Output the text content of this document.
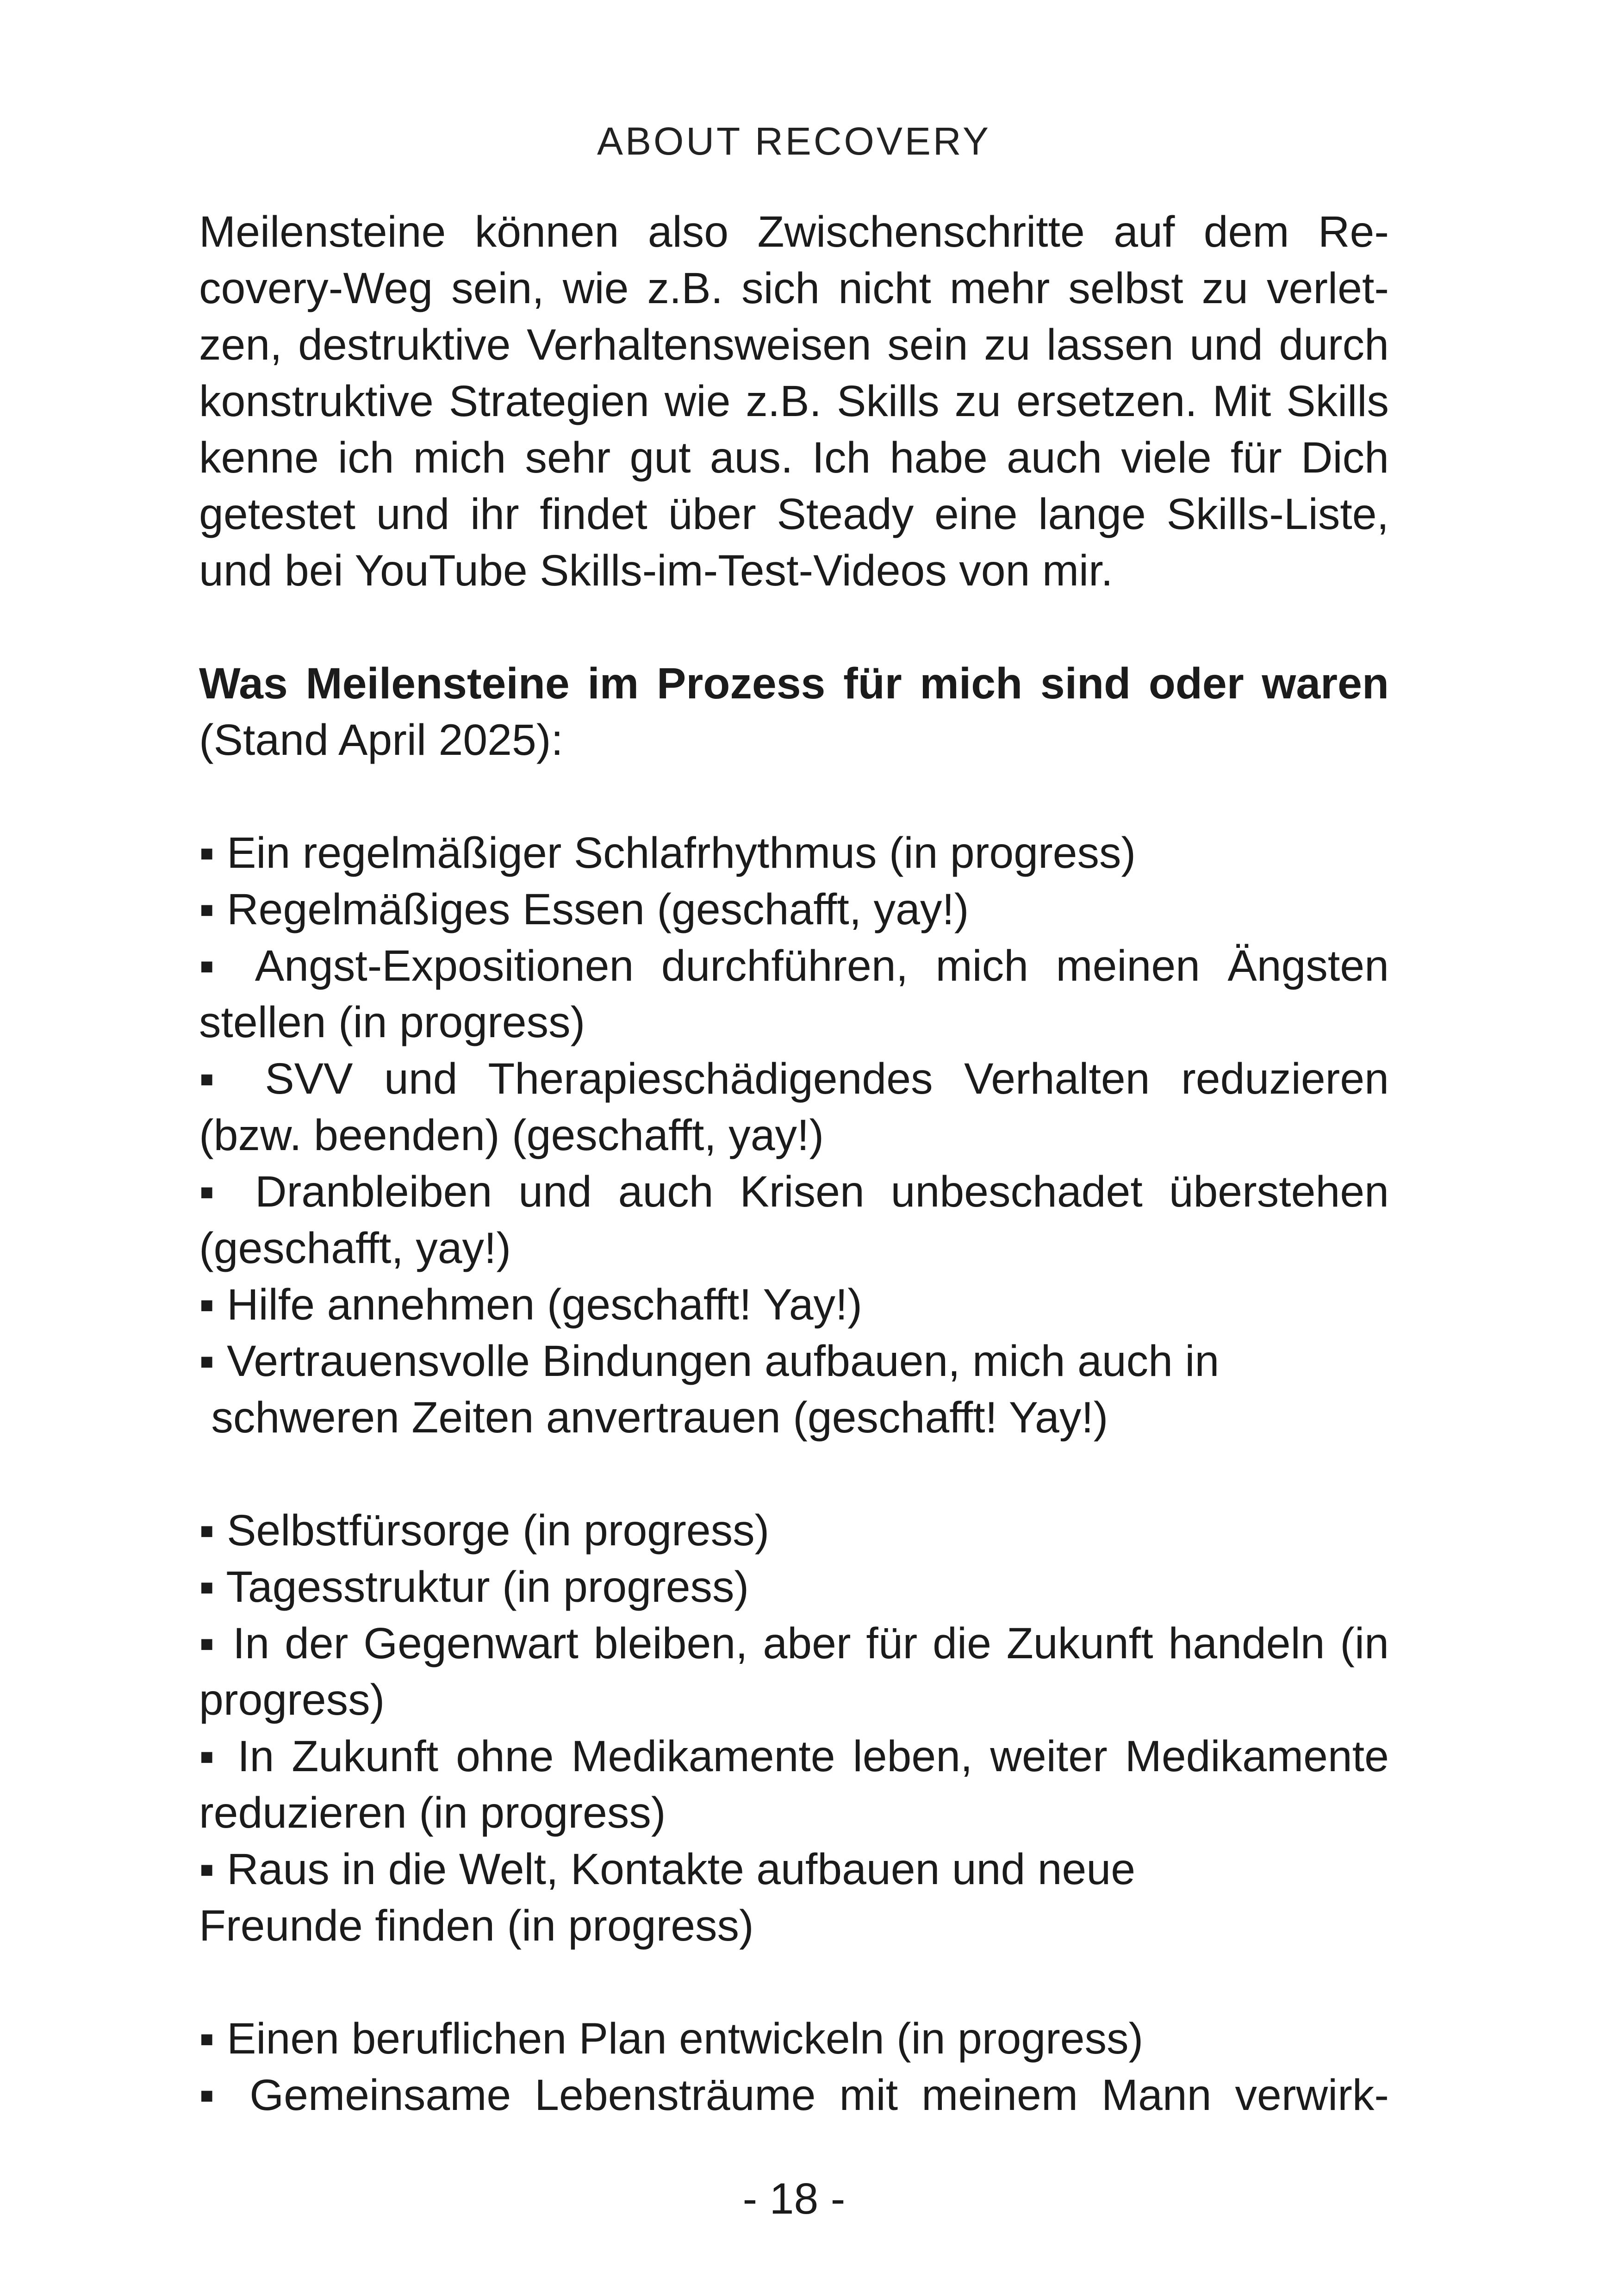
ABOUT RECOVERY
Meilensteine können also Zwischenschritte auf dem Re-
covery-Weg sein, wie z.B. sich nicht mehr selbst zu verlet-
zen, destruktive Verhaltensweisen sein zu lassen und durch
konstruktive Strategien wie z.B. Skills zu ersetzen. Mit Skills
kenne ich mich sehr gut aus. Ich habe auch viele für Dich
getestet und ihr findet über Steady eine lange Skills-Liste,
und bei YouTube Skills-im-Test-Videos von mir.
Was Meilensteine im Prozess für mich sind oder waren
(Stand April 2025):
▪ Ein regelmäßiger Schlafrhythmus (in progress)
▪ Regelmäßiges Essen (geschafft, yay!)
▪ Angst-Expositionen durchführen, mich meinen Ängsten
stellen (in progress)
▪ SVV und Therapieschädigendes Verhalten reduzieren
(bzw. beenden) (geschafft, yay!)
▪ Dranbleiben und auch Krisen unbeschadet überstehen
(geschafft, yay!)
▪ Hilfe annehmen (geschafft! Yay!)
▪ Vertrauensvolle Bindungen aufbauen, mich auch in
schweren Zeiten anvertrauen (geschafft! Yay!)
▪ Selbstfürsorge (in progress)
▪ Tagesstruktur (in progress)
▪ In der Gegenwart bleiben, aber für die Zukunft handeln (in
progress)
▪ In Zukunft ohne Medikamente leben, weiter Medikamente
reduzieren (in progress)
▪ Raus in die Welt, Kontakte aufbauen und neue
Freunde finden (in progress)
▪ Einen beruflichen Plan entwickeln (in progress)
▪ Gemeinsame Lebensträume mit meinem Mann verwirk-
- 18 -
